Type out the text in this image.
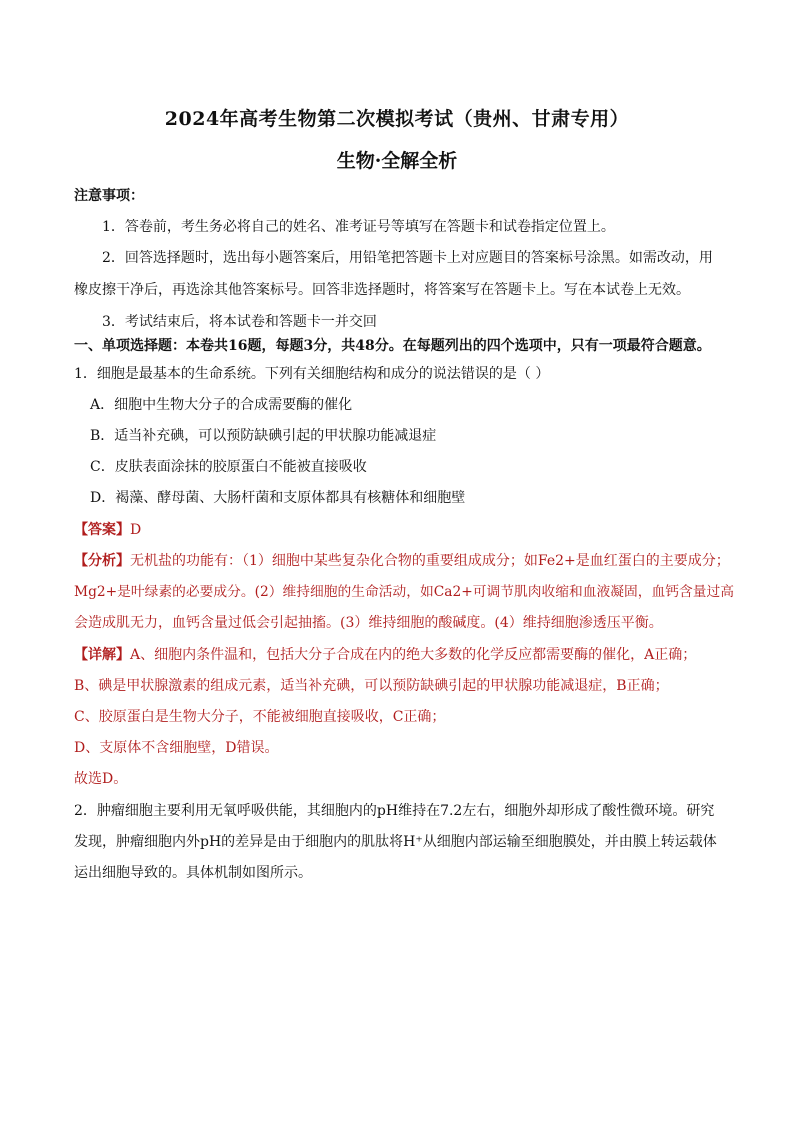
2024年高考生物第二次模拟考试（贵州、甘肃专用）
生物·全解全析
注意事项：
1．答卷前，考生务必将自己的姓名、准考证号等填写在答题卡和试卷指定位置上。
2．回答选择题时，选出每小题答案后，用铅笔把答题卡上对应题目的答案标号涂黑。如需改动，用
橡皮擦干净后，再选涂其他答案标号。回答非选择题时，将答案写在答题卡上。写在本试卷上无效。
3．考试结束后，将本试卷和答题卡一并交回
一、单项选择题：本卷共16题，每题3分，共48分。在每题列出的四个选项中，只有一项最符合题意。
1．细胞是最基本的生命系统。下列有关细胞结构和成分的说法错误的是（ ）
A．细胞中生物大分子的合成需要酶的催化
B．适当补充碘，可以预防缺碘引起的甲状腺功能减退症
C．皮肤表面涂抹的胶原蛋白不能被直接吸收
D．褐藻、酵母菌、大肠杆菌和支原体都具有核糖体和细胞壁
【答案】D
【分析】无机盐的功能有：（1）细胞中某些复杂化合物的重要组成成分；如Fe2+是血红蛋白的主要成分；
Mg2+是叶绿素的必要成分。(2）维持细胞的生命活动，如Ca2+可调节肌肉收缩和血液凝固，血钙含量过高
会造成肌无力，血钙含量过低会引起抽搐。(3）维持细胞的酸碱度。(4）维持细胞渗透压平衡。
【详解】A、细胞内条件温和，包括大分子合成在内的绝大多数的化学反应都需要酶的催化，A正确；
B、碘是甲状腺激素的组成元素，适当补充碘，可以预防缺碘引起的甲状腺功能减退症，B正确；
C、胶原蛋白是生物大分子，不能被细胞直接吸收，C正确；
D、支原体不含细胞壁，D错误。
故选D。
2．肿瘤细胞主要利用无氧呼吸供能，其细胞内的pH维持在7.2左右，细胞外却形成了酸性微环境。研究
发现，肿瘤细胞内外pH的差异是由于细胞内的肌肽将H⁺从细胞内部运输至细胞膜处，并由膜上转运载体
运出细胞导致的。具体机制如图所示。
